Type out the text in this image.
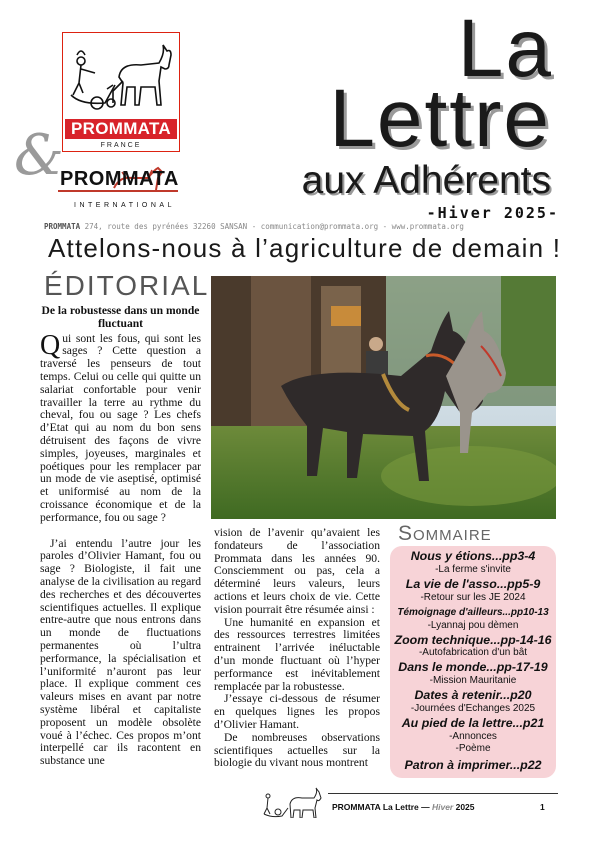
PROMMATA
FRANCE
&
PROMMATA
INTERNATIONAL
La
Lettre
aux Adhérents
-Hiver 2025-
PROMMATA 274, route des pyrénées 32260 SANSAN - communication@prommata.org - www.prommata.org
Attelons-nous à l’agriculture de demain !
ÉDITORIAL
De la robustesse dans un monde fluctuant

Qui sont les fous, qui sont les sages ? Cette question a traversé les penseurs de tout temps. Celui ou celle qui quitte un salariat confortable pour venir travailler la terre au rythme du cheval, fou ou sage ? Les chefs d’Etat qui au nom du bon sens détruisent des façons de vivre simples, joyeuses, marginales et poétiques pour les remplacer par un mode de vie aseptisé, optimisé et uniformisé au nom de la croissance économique et de la performance, fou ou sage ?

J’ai entendu l’autre jour les paroles d’Olivier Hamant, fou ou sage ? Biologiste, il fait une analyse de la civilisation au regard des recherches et des découvertes scientifiques actuelles. Il explique entre-autre que nous entrons dans un monde de fluctuations permanentes où l’ultra performance, la spécialisation et l’uniformité n’auront pas leur place. Il explique comment ces valeurs mises en avant par notre système libéral et capitaliste proposent un modèle obsolète voué à l’échec. Ces propos m’ont interpellé car ils racontent en substance une

vision de l’avenir qu’avaient les fondateurs de l’association Prommata dans les années 90. Consciemment ou pas, cela a déterminé leurs valeurs, leurs actions et leurs choix de vie. Cette vision pourrait être résumée ainsi :

Une humanité en expansion et des ressources terrestres limitées entrainent l’arrivée inéluctable d’un monde fluctuant où l’hyper performance est inévitablement remplacée par la robustesse.

J’essaye ci-dessous de résumer en quelques lignes les propos d’Olivier Hamant.

De nombreuses observations scientifiques actuelles sur la biologie du vivant nous montrent

Sommaire
Nous y étions...pp3-4
-La ferme s'invite
La vie de l'asso...pp5-9
-Retour sur les JE 2024
Témoignage d'ailleurs...pp10-13
-Lyannaj pou dèmen
Zoom technique...pp-14-16
-Autofabrication d'un bât
Dans le monde...pp-17-19
-Mission Mauritanie
Dates à retenir...p20
-Journées d'Echanges 2025
Au pied de la lettre...p21
-Annonces
-Poème
Patron à imprimer...p22
PROMMATA La Lettre — Hiver 2025	1
